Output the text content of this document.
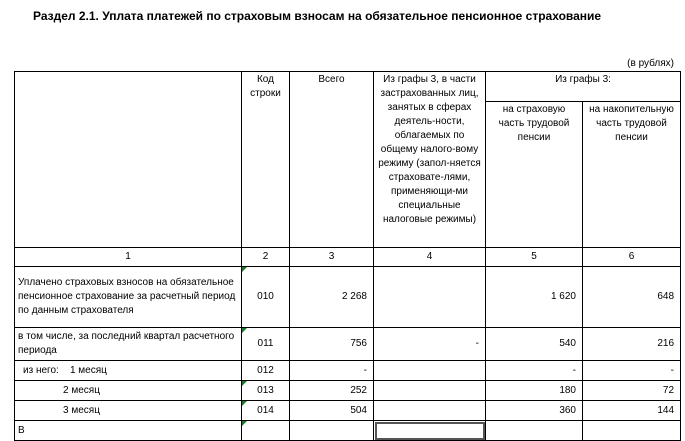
Раздел 2.1. Уплата платежей по страховым взносам на обязательное пенсионное страхование
(в рублях)
	Код строки	Всего	Из графы 3, в части застрахованных лиц, занятых в сферах деятель-ности, облагаемых по общему налого-вому режиму (запол-няется страховате-лями, применяющи-ми специальные налоговые режимы)	Из графы 3:	
				на страховую часть трудовой пенсии	на накопительную часть трудовой пенсии
1	2	3	4	5	6
Уплачено страховых взносов на обязательное пенсионное страхование за расчетный период по данным страхователя	010	2 268		1 620	648
в том числе, за последний квартал расчетного периода	011	756	-	540	216
из него: 1 месяц	012	-		-	-
2 месяц	013	252		180	72
3 месяц	014	504		360	144
В					
